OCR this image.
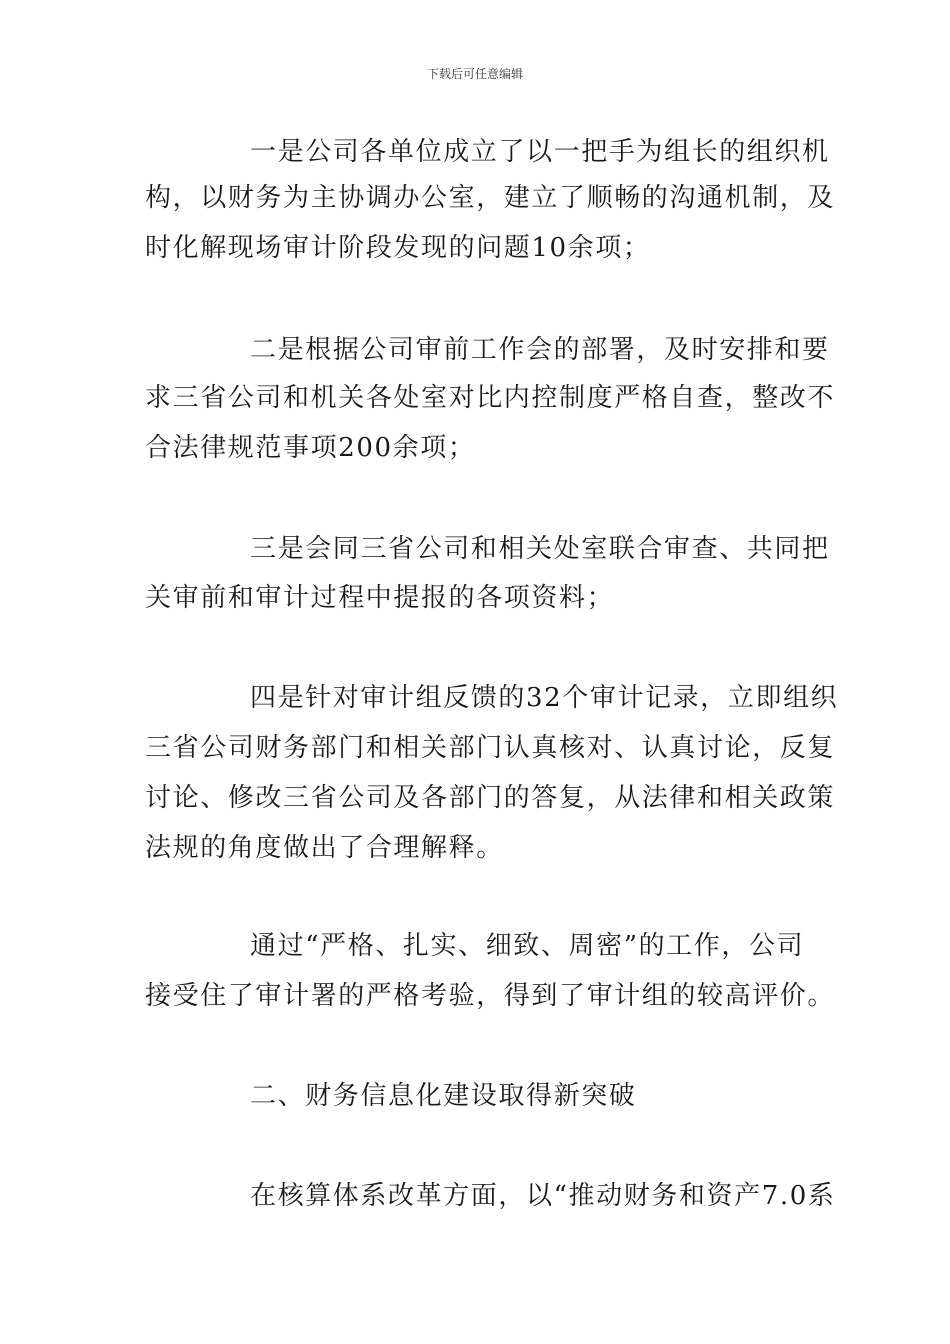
下载后可任意编辑
一是公司各单位成立了以一把手为组长的组织机
构，以财务为主协调办公室，建立了顺畅的沟通机制，及
时化解现场审计阶段发现的问题10余项；
二是根据公司审前工作会的部署，及时安排和要
求三省公司和机关各处室对比内控制度严格自查，整改不
合法律规范事项200余项；
三是会同三省公司和相关处室联合审查、共同把
关审前和审计过程中提报的各项资料；
四是针对审计组反馈的32个审计记录，立即组织
三省公司财务部门和相关部门认真核对、认真讨论，反复
讨论、修改三省公司及各部门的答复，从法律和相关政策
法规的角度做出了合理解释。
通过“严格、扎实、细致、周密”的工作，公司
接受住了审计署的严格考验，得到了审计组的较高评价。
二、财务信息化建设取得新突破
在核算体系改革方面，以“推动财务和资产7.0系
